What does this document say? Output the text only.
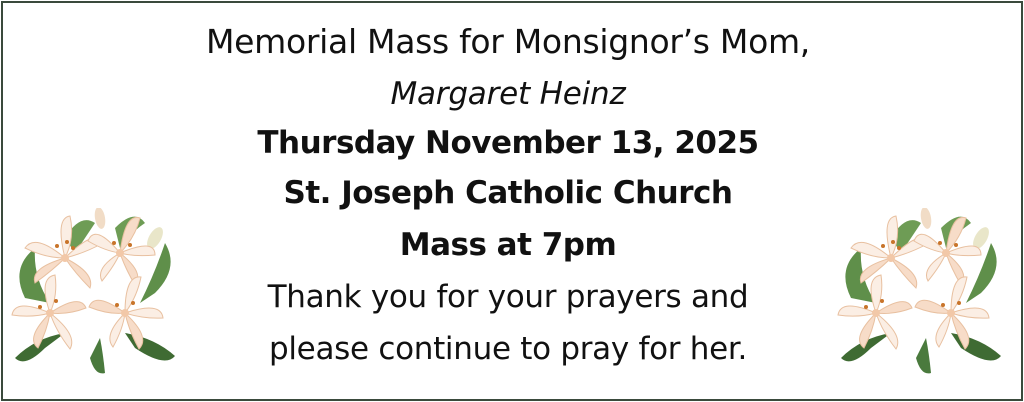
Memorial Mass for Monsignor’s Mom,
Margaret Heinz
Thursday November 13, 2025
St. Joseph Catholic Church
Mass at 7pm
Thank you for your prayers and
please continue to pray for her.
